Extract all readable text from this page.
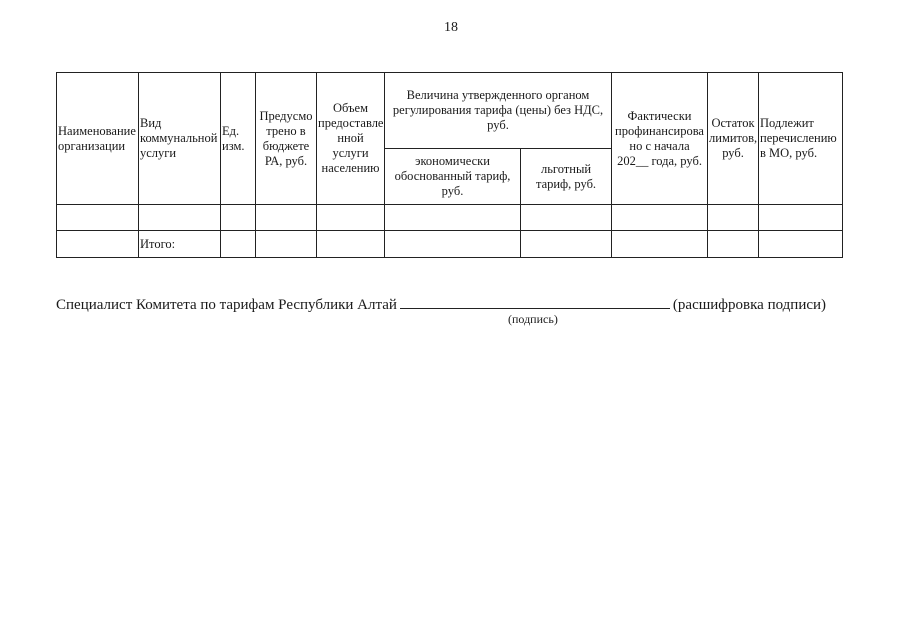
18
Наименование организации	Вид коммунальной услуги	Ед. изм.	Предусмо трено в бюджете РА, руб.	Объем предоставле нной услуги населению	Величина утвержденного органом регулирования тарифа (цены) без НДС, руб.		Фактически профинансирова но с начала 202__ года, руб.	Остаток лимитов, руб.	Подлежит перечислению в МО, руб.
					экономически обоснованный тариф, руб.	льготный тариф, руб.			

	Итого:								
Специалист Комитета по тарифам Республики Алтай	(расшифровка подписи)
(подпись)
